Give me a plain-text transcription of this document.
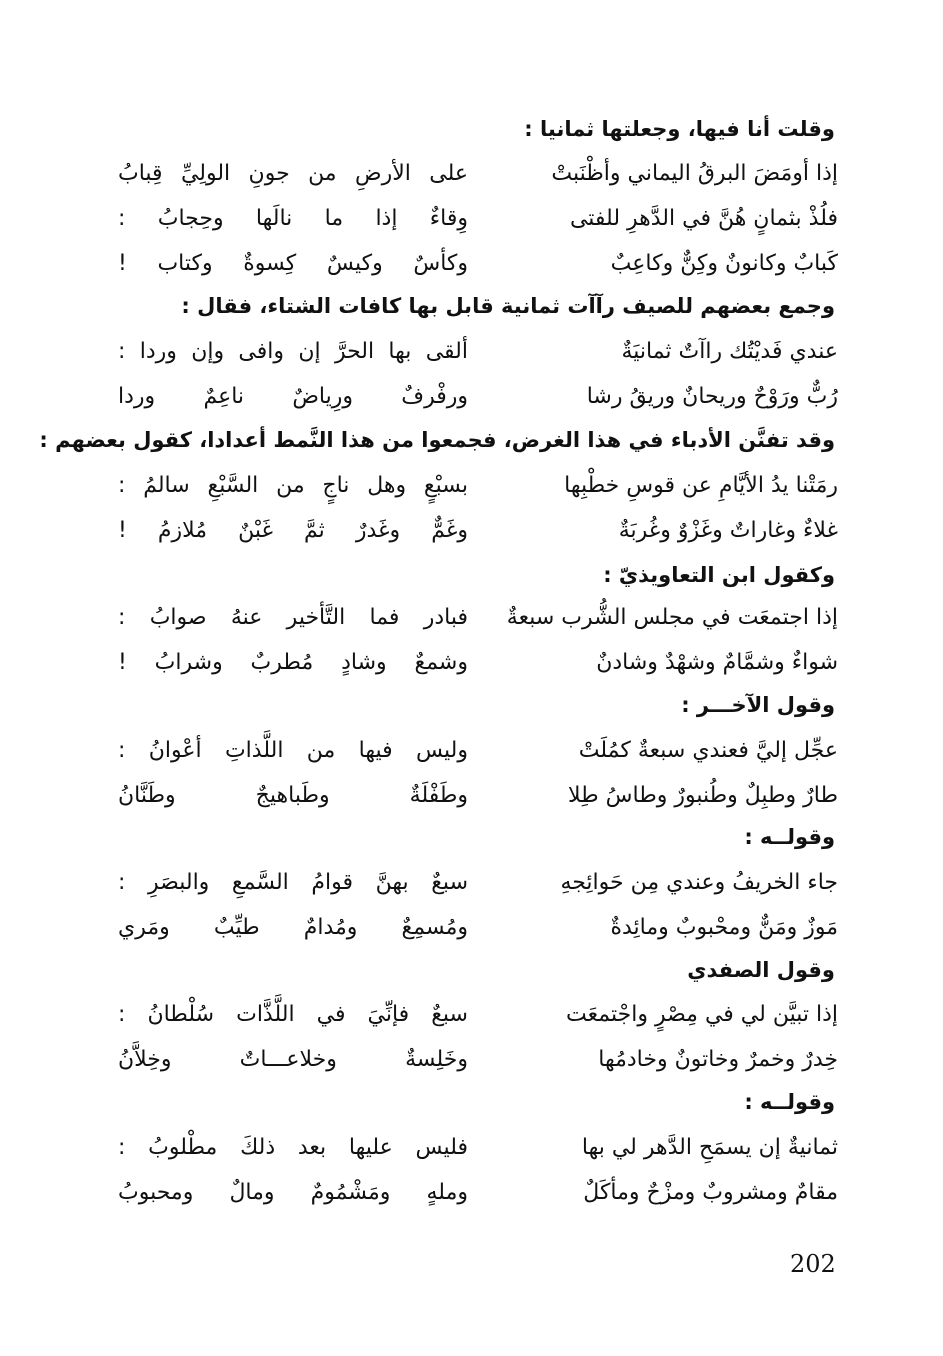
وقلت أنا فيها، وجعلتها ثمانيا :
إذا أومَضَ البرقُ اليماني وأظْنَبتْ
على الأرضِ من جونِ الولِيِّ قِبابُ
فلُذْ بثمانٍ هُنَّ في الدَّهرِ للفتى
وِقاءٌ إذا ما نالَها وحِجابُ :
كَبابٌ وكانونٌ وكِنٌّ وكاعِبٌ
وكأسٌ وكيسٌ كِسوةٌ وكتاب !
وجمع بعضهم للصيف رآآت ثمانية قابل بها كافات الشتاء، فقال :
عندي فَديْتُك راآتٌ ثمانيَةٌ
ألقى بها الحرَّ إن وافى وإن وردا :
رُبٌّ ورَوْحٌ وريحانٌ وريقُ رشا
ورفْرفٌ ورِياضٌ ناعِمٌ وردا
وقد تفنَّن الأدباء في هذا الغرض، فجمعوا من هذا النَّمط أعدادا، كقول بعضهم :
رمَتْنا يدُ الأيَّامِ عن قوسِ خطْبِها
بسبْعٍ وهل ناجٍ من السَّبْعِ سالمُ :
غلاءٌ وغاراتٌ وغَزْوٌ وغُربَةٌ
وغَمٌّ وغَدرٌ ثمَّ غَبْنٌ مُلازمُ !
وكقول ابن التعاويذيّ :
إذا اجتمعَت في مجلس الشُّرب سبعةٌ
فبادر فما التَّأخير عنهُ صوابُ :
شواءٌ وشمَّامٌ وشهْدٌ وشادنٌ
وشمعٌ وشادٍ مُطربٌ وشرابُ !
وقول الآخـــر :
عجِّل إليَّ فعندي سبعةٌ كمُلَتْ
وليس فيها من اللَّذاتِ أعْوانُ :
طارٌ وطبِلٌ وطُنبورٌ وطاسُ طِلا
وطَفْلَةٌ وطَباهيجٌ وطَنَّانُ
وقولــه :
جاء الخريفُ وعندي مِن حَوائِجهِ
سبعٌ بهنَّ قوامُ السَّمعِ والبصَرِ :
مَوزٌ ومَنٌّ ومحْبوبٌ ومائِدةٌ
ومُسمِعٌ ومُدامٌ طيِّبٌ ومَري
وقول الصفدي
إذا تبيَّن لي في مِصْرٍ واجْتمعَت
سبعٌ فإنِّيَ في اللَّذَّات سُلْطانُ :
خِدرٌ وخمرٌ وخاتونٌ وخادمُها
وخَلِسةٌ وخلاعـــاتٌ وخِلاَّنُ
وقولــه :
ثمانيةٌ إن يسمَحِ الدَّهر لي بها
فليس عليها بعد ذلكَ مطْلوبُ :
مقامٌ ومشروبٌ ومزْحٌ ومأكَلٌ
وملهٍ ومَشْمُومٌ ومالٌ ومحبوبُ
202
